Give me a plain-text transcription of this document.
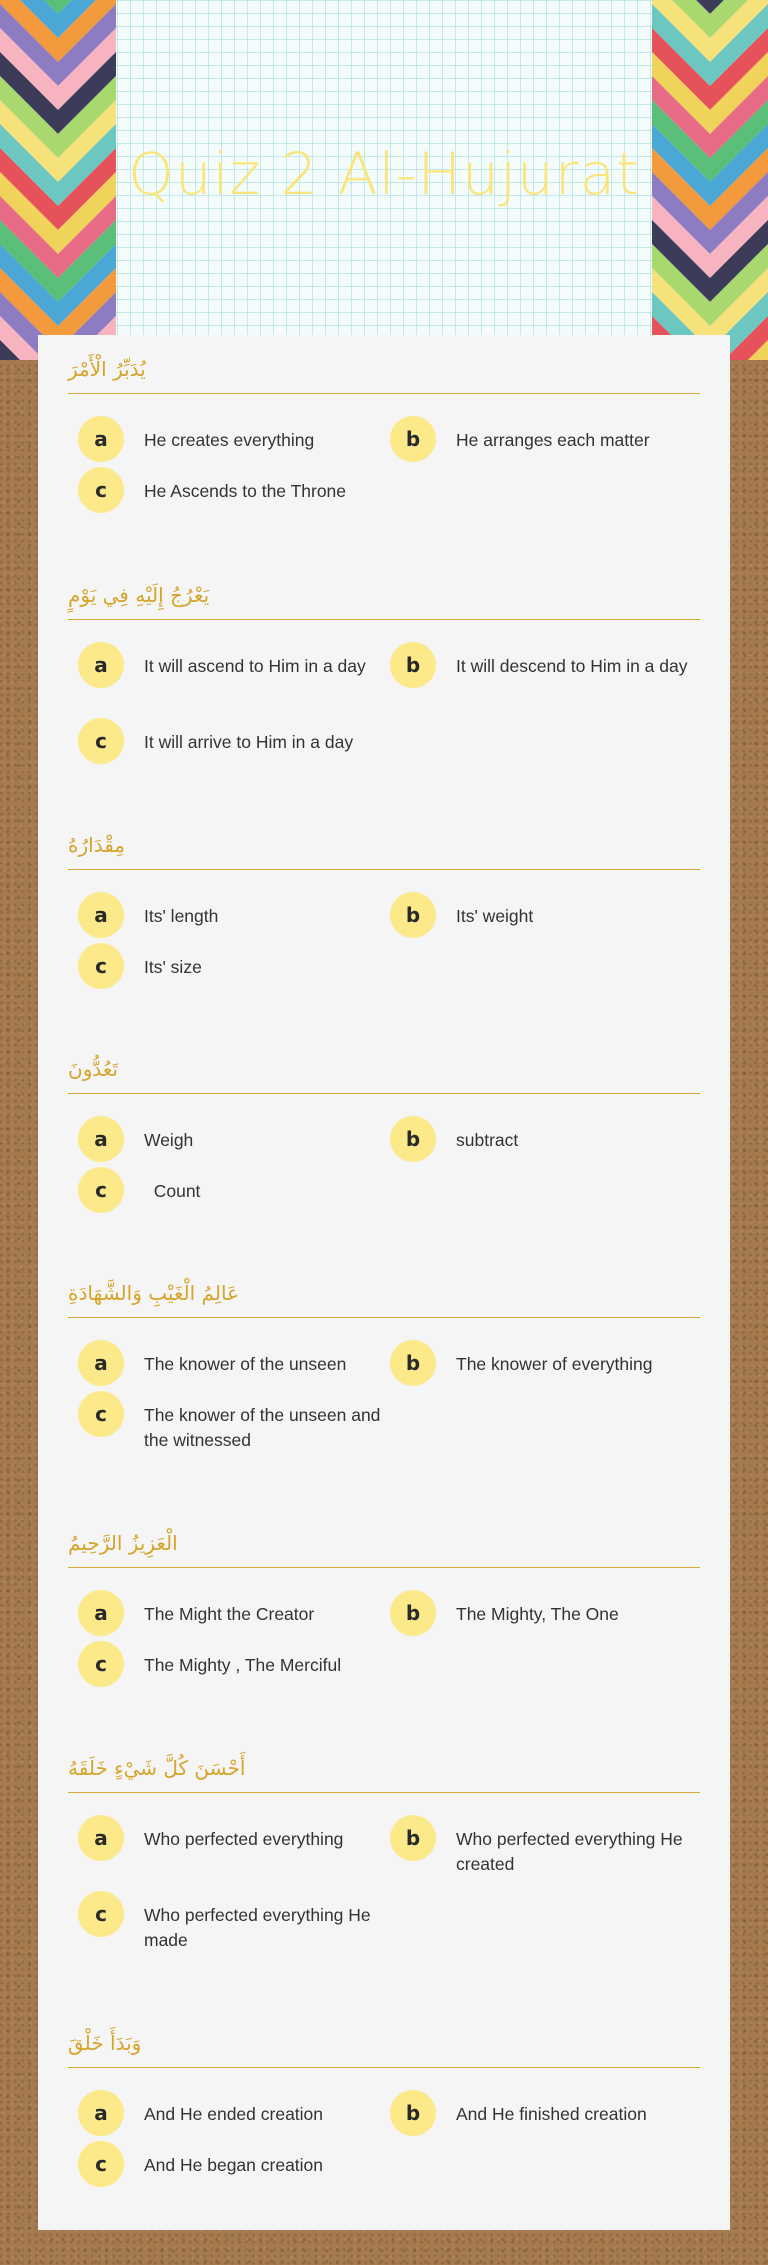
Quiz 2 Al-Hujurat
يُدَبِّرُ الْأَمْرَ
a	He creates everything	b	He arranges each matter
c	He Ascends to the Throne
يَعْرُجُ إِلَيْهِ فِي يَوْمٍ
a	It will ascend to Him in a day	b	It will descend to Him in a day
c	It will arrive to Him in a day
مِقْدَارُهُ
a	Its' length	b	Its' weight
c	Its' size
تَعُدُّونَ
a	Weigh	b	subtract
c	Count
عَالِمُ الْغَيْبِ وَالشَّهَادَةِ
a	The knower of the unseen	b	The knower of everything
c	The knower of the unseen and the witnessed
الْعَزِيزُ الرَّحِيمُ
a	The Might the Creator	b	The Mighty, The One
c	The Mighty , The Merciful
أَحْسَنَ كُلَّ شَيْءٍ خَلَقَهُ
a	Who perfected everything	b	Who perfected everything He created
c	Who perfected everything He made
وَبَدَأَ خَلْقَ
a	And He ended creation	b	And He finished creation
c	And He began creation
